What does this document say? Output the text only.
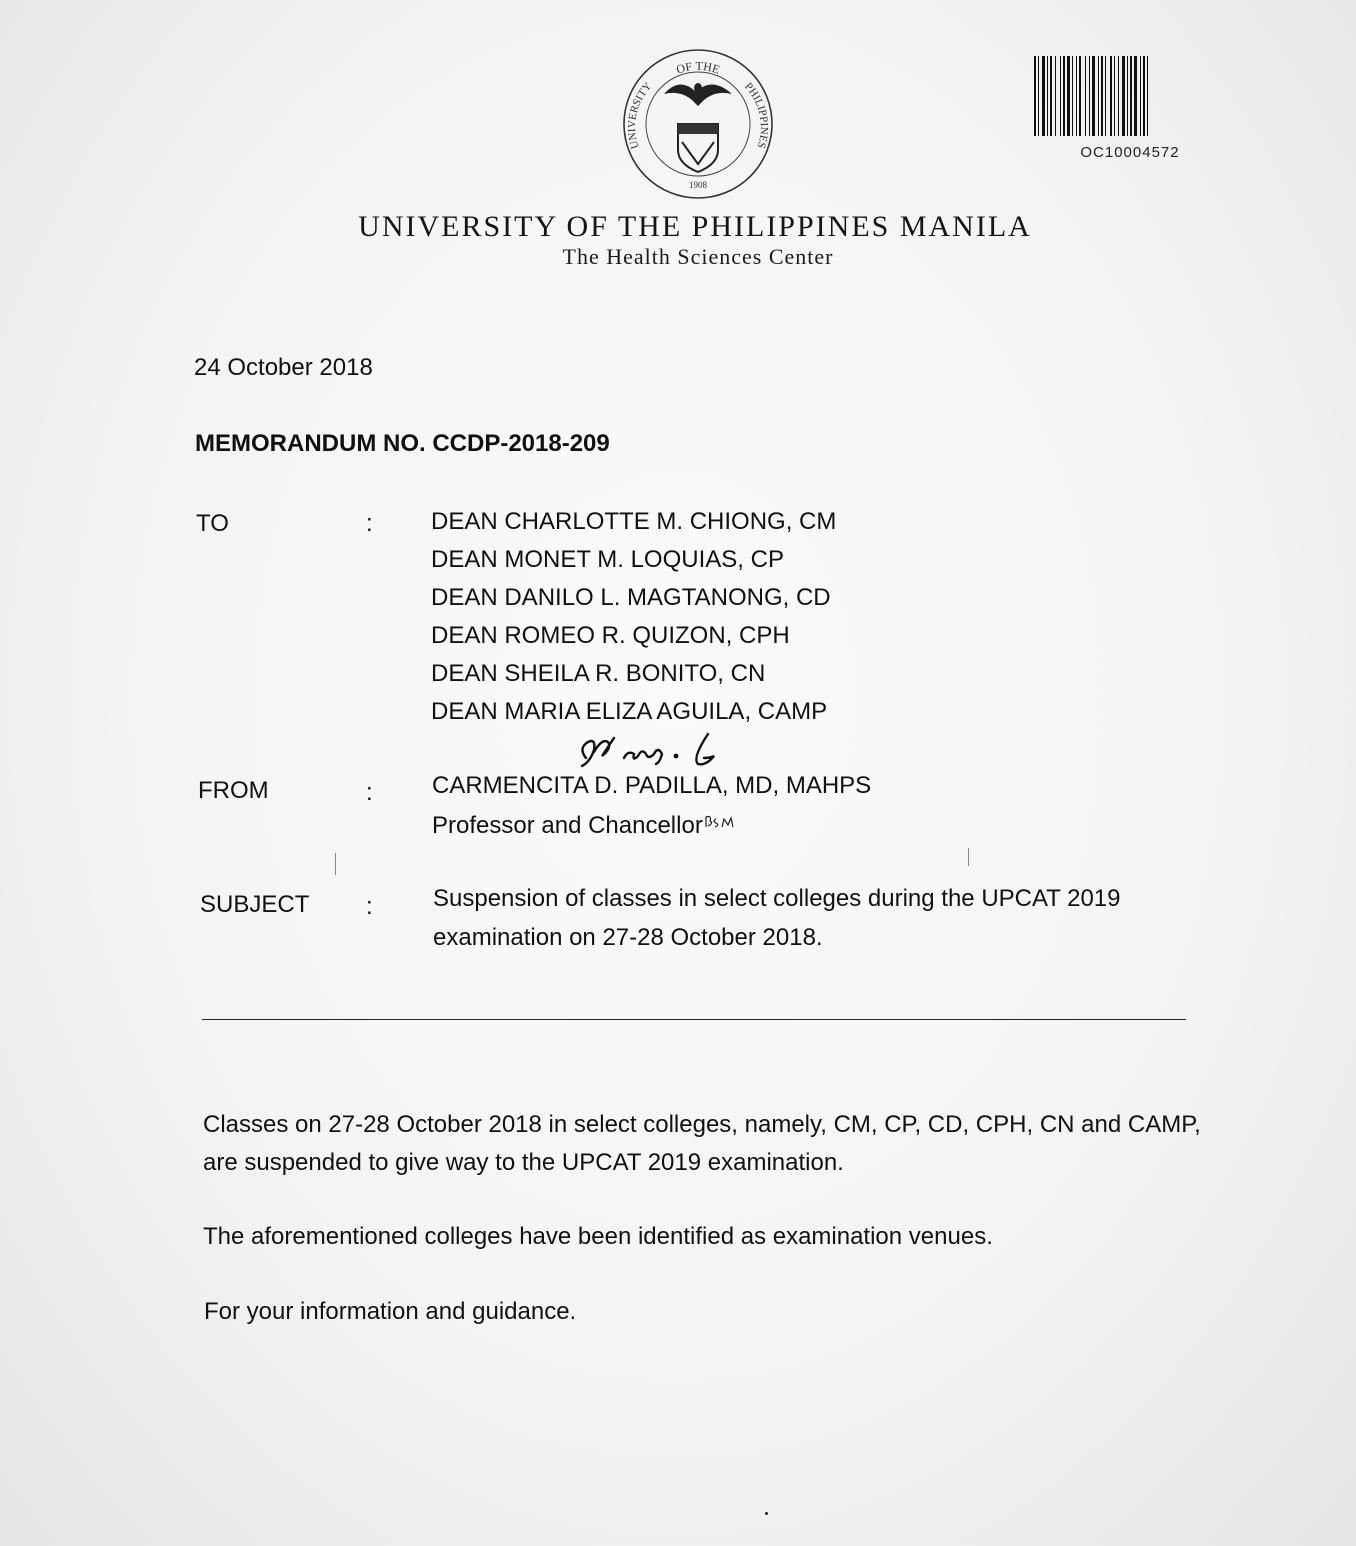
OF THE
UNIVERSITY	PHILIPPINES
1908
OC10004572
UNIVERSITY OF THE PHILIPPINES MANILA
The Health Sciences Center
24 October 2018
MEMORANDUM NO. CCDP-2018-209
TO	: DEAN CHARLOTTE M. CHIONG, CM
DEAN MONET M. LOQUIAS, CP
DEAN DANILO L. MAGTANONG, CD
DEAN ROMEO R. QUIZON, CPH
DEAN SHEILA R. BONITO, CN
DEAN MARIA ELIZA AGUILA, CAMP
FROM	: CARMENCITA D. PADILLA, MD, MAHPS
Professor and Chancellor
SUBJECT :	Suspension of classes in select colleges during the UPCAT 2019
examination on 27-28 October 2018.
Classes on 27-28 October 2018 in select colleges, namely, CM, CP, CD, CPH, CN and CAMP,
are suspended to give way to the UPCAT 2019 examination.
The aforementioned colleges have been identified as examination venues.
For your information and guidance.
